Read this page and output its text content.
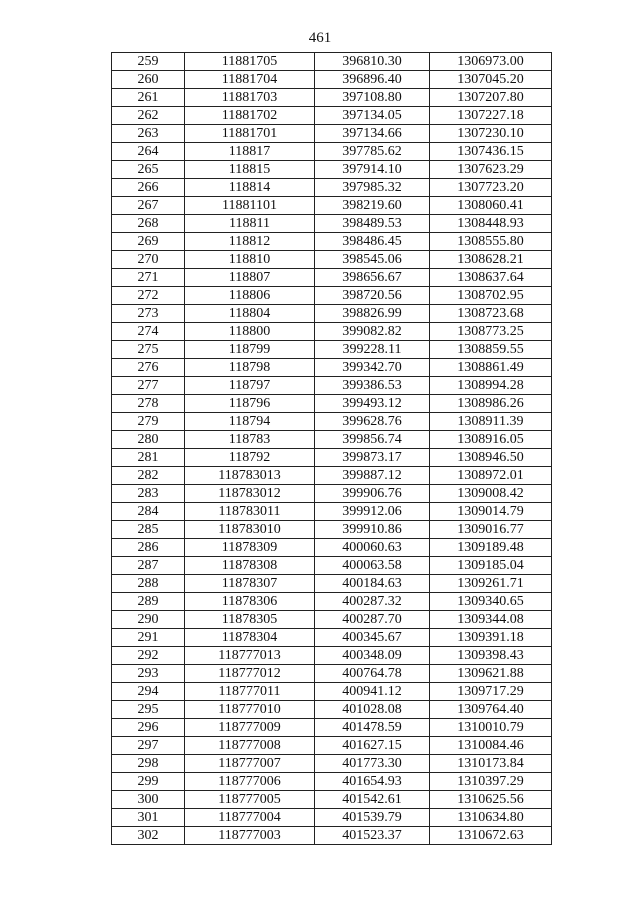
461
259	11881705	396810.30	1306973.00
260	11881704	396896.40	1307045.20
261	11881703	397108.80	1307207.80
262	11881702	397134.05	1307227.18
263	11881701	397134.66	1307230.10
264	118817	397785.62	1307436.15
265	118815	397914.10	1307623.29
266	118814	397985.32	1307723.20
267	11881101	398219.60	1308060.41
268	118811	398489.53	1308448.93
269	118812	398486.45	1308555.80
270	118810	398545.06	1308628.21
271	118807	398656.67	1308637.64
272	118806	398720.56	1308702.95
273	118804	398826.99	1308723.68
274	118800	399082.82	1308773.25
275	118799	399228.11	1308859.55
276	118798	399342.70	1308861.49
277	118797	399386.53	1308994.28
278	118796	399493.12	1308986.26
279	118794	399628.76	1308911.39
280	118783	399856.74	1308916.05
281	118792	399873.17	1308946.50
282	118783013	399887.12	1308972.01
283	118783012	399906.76	1309008.42
284	118783011	399912.06	1309014.79
285	118783010	399910.86	1309016.77
286	11878309	400060.63	1309189.48
287	11878308	400063.58	1309185.04
288	11878307	400184.63	1309261.71
289	11878306	400287.32	1309340.65
290	11878305	400287.70	1309344.08
291	11878304	400345.67	1309391.18
292	118777013	400348.09	1309398.43
293	118777012	400764.78	1309621.88
294	118777011	400941.12	1309717.29
295	118777010	401028.08	1309764.40
296	118777009	401478.59	1310010.79
297	118777008	401627.15	1310084.46
298	118777007	401773.30	1310173.84
299	118777006	401654.93	1310397.29
300	118777005	401542.61	1310625.56
301	118777004	401539.79	1310634.80
302	118777003	401523.37	1310672.63
